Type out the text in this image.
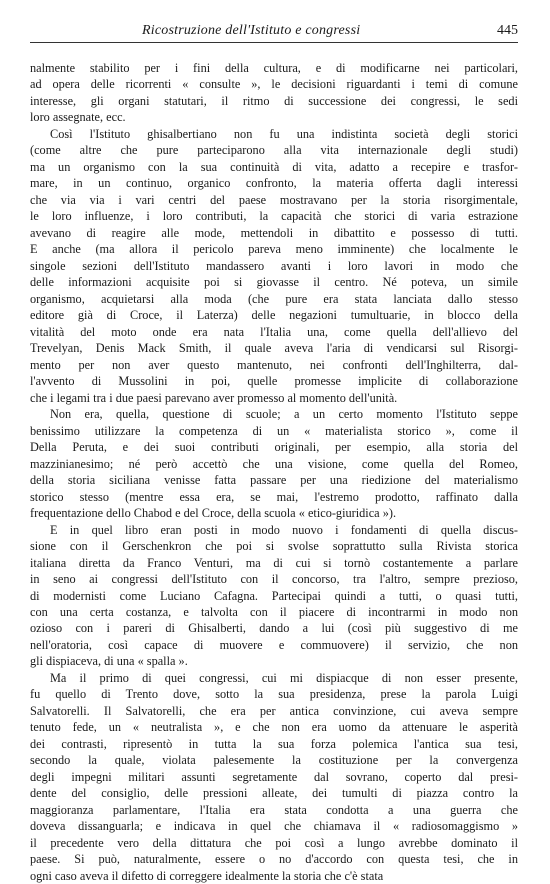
Ricostruzione dell'Istituto e congressi	445

nalmente stabilito per i fini della cultura, e di modificarne nei particolari,
ad opera delle ricorrenti « consulte », le decisioni riguardanti i temi di comune
interesse, gli organi statutari, il ritmo di successione dei congressi, le sedi
loro assegnate, ecc.

Così l'Istituto ghisalbertiano non fu una indistinta società degli storici
(come altre che pure parteciparono alla vita internazionale degli studi)
ma un organismo con la sua continuità di vita, adatto a recepire e trasfor-
mare, in un continuo, organico confronto, la materia offerta dagli interessi
che via via i vari centri del paese mostravano per la storia risorgimentale,
le loro influenze, i loro contributi, la capacità che storici di varia estrazione
avevano di reagire alle mode, mettendoli in dibattito e possesso di tutti.
E anche (ma allora il pericolo pareva meno imminente) che localmente le
singole sezioni dell'Istituto mandassero avanti i loro lavori in modo che
delle informazioni acquisite poi si giovasse il centro. Né poteva, un simile
organismo, acquietarsi alla moda (che pure era stata lanciata dallo stesso
editore già di Croce, il Laterza) delle negazioni tumultuarie, in blocco della
vitalità del moto onde era nata l'Italia una, come quella dell'allievo del
Trevelyan, Denis Mack Smith, il quale aveva l'aria di vendicarsi sul Risorgi-
mento per non aver questo mantenuto, nei confronti dell'Inghilterra, dal-
l'avvento di Mussolini in poi, quelle promesse implicite di collaborazione
che i legami tra i due paesi parevano aver promesso al momento dell'unità.

Non era, quella, questione di scuole; a un certo momento l'Istituto seppe
benissimo utilizzare la competenza di un « materialista storico », come il
Della Peruta, e dei suoi contributi originali, per esempio, alla storia del
mazzinianesimo; né però accettò che una visione, come quella del Romeo,
della storia siciliana venisse fatta passare per una riedizione del materialismo
storico stesso (mentre essa era, se mai, l'estremo prodotto, raffinato dalla
frequentazione dello Chabod e del Croce, della scuola « etico-giuridica »).

E in quel libro eran posti in modo nuovo i fondamenti di quella discus-
sione con il Gerschenkron che poi si svolse soprattutto sulla Rivista storica
italiana diretta da Franco Venturi, ma di cui si tornò costantemente a parlare
in seno ai congressi dell'Istituto con il concorso, tra l'altro, sempre prezioso,
di modernisti come Luciano Cafagna. Partecipai quindi a tutti, o quasi tutti,
con una certa costanza, e talvolta con il piacere di incontrarmi in modo non
ozioso con i pareri di Ghisalberti, dando a lui (così più suggestivo di me
nell'oratoria, così capace di muovere e commuovere) il servizio, che non
gli dispiaceva, di una « spalla ».

Ma il primo di quei congressi, cui mi dispiacque di non esser presente,
fu quello di Trento dove, sotto la sua presidenza, prese la parola Luigi
Salvatorelli. Il Salvatorelli, che era per antica convinzione, cui aveva sempre
tenuto fede, un « neutralista », e che non era uomo da attenuare le asperità
dei contrasti, ripresentò in tutta la sua forza polemica l'antica sua tesi,
secondo la quale, violata palesemente la costituzione per la convergenza
degli impegni militari assunti segretamente dal sovrano, coperto dal presi-
dente del consiglio, delle pressioni alleate, dei tumulti di piazza contro la
maggioranza parlamentare, l'Italia era stata condotta a una guerra che
doveva dissanguarla; e indicava in quel che chiamava il « radiosomaggismo »
il precedente vero della dittatura che poi così a lungo avrebbe dominato il
paese. Si può, naturalmente, essere o no d'accordo con questa tesi, che in
ogni caso aveva il difetto di correggere idealmente la storia che c'è stata
